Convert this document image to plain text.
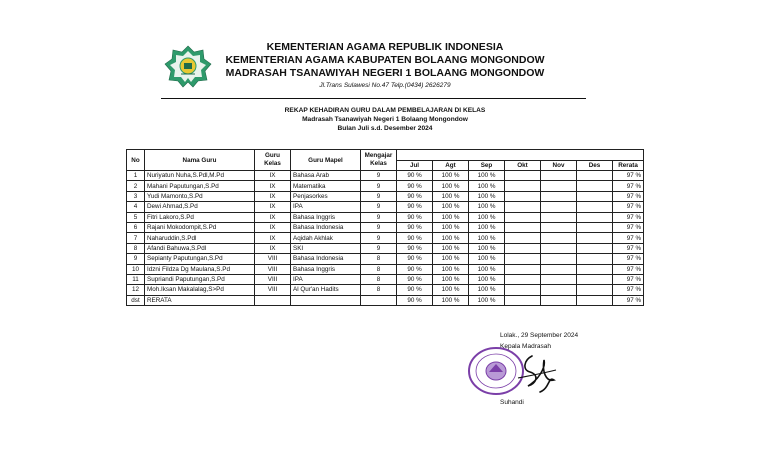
KEMENTERIAN AGAMA REPUBLIK INDONESIA
KEMENTERIAN AGAMA KABUPATEN BOLAANG MONGONDOW
MADRASAH TSANAWIYAH NEGERI 1 BOLAANG MONGONDOW
Jl.Trans Sulawesi No.47 Telp.(0434) 2626279
REKAP KEHADIRAN GURU DALAM PEMBELAJARAN DI KELAS
Madrasah Tsanawiyah Negeri 1 Bolaang Mongondow
Bulan Juli s.d. Desember 2024
No	Nama Guru	Guru Kelas	Guru Mapel	Mengajar Kelas							
					Jul	Agt	Sep	Okt	Nov	Des	Rerata
1	Nuriyatun Nuha,S.Pdl,M.Pd	IX	Bahasa Arab	9	90 %	100 %	100 %				97 %
2	Mahani Paputungan,S.Pd	IX	Matematika	9	90 %	100 %	100 %				97 %
3	Yudi Mamonto,S.Pd	IX	Penjasorkes	9	90 %	100 %	100 %				97 %
4	Dewi Ahmad,S.Pd	IX	IPA	9	90 %	100 %	100 %				97 %
5	Fitri Lakoro,S.Pd	IX	Bahasa Inggris	9	90 %	100 %	100 %				97 %
6	Rajani Mokodompit,S.Pd	IX	Bahasa Indonesia	9	90 %	100 %	100 %				97 %
7	Naharuddin,S.Pdl	IX	Aqidah Akhlak	9	90 %	100 %	100 %				97 %
8	Afandi Bahuwa,S.Pdl	IX	SKI	9	90 %	100 %	100 %				97 %
9	Sepianty Paputungan,S.Pd	VIII	Bahasa Indonesia	8	90 %	100 %	100 %				97 %
10	Idzni Fildza Dg Maulana,S.Pd	VIII	Bahasa Inggris	8	90 %	100 %	100 %				97 %
11	Supriandi Paputungan,S.Pd	VIII	IPA	8	90 %	100 %	100 %				97 %
12	Moh.Iksan Makalalag,S>Pd	VIII	Al Qur'an Hadits	8	90 %	100 %	100 %				97 %
dst	RERATA				90 %	100 %	100 %				97 %
Lolak., 29 September 2024
Kepala Madrasah
Suhandi
